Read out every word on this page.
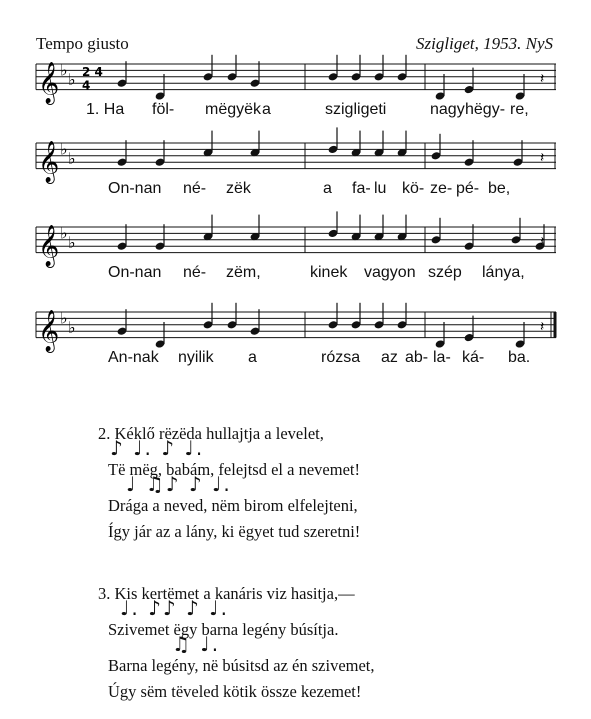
Tempo giusto	Szigliget, 1953. NyS
𝄞 ♭
♭ 2 4
4	𝄽
𝄞 ♭
♭	𝄽
𝄞 ♭
♭	𝄽
𝄞 ♭
♭	𝄽
1. Ha föl- mëgyëk a	szigligeti	nagy hëgy- re,
On-nan né- zëk	a fa- lu kö- ze- pé- be,
On-nan né- zëm,	kinek vagyon szép lánya,
An-nak nyilik a	rózsa az ab- la- ká- ba.
2. Kéklő rëzëda hullajtja a levelet,
♪ ♩. ♪ ♩.
Të mëg, babám, felejtsd el a nevemet!
♩ ♫♪ ♪ ♩.
Drága a neved, nëm birom elfelejteni,
Így jár az a lány, ki ëgyet tud szeretni!
3. Kis kertëmet a kanáris viz hasitja,—
♩. ♪♪ ♪ ♩.
Szivemet ëgy barna legény búsítja.
♫ ♩.
Barna legény, në búsitsd az én szivemet,
Úgy sëm tëveled kötik össze kezemet!
